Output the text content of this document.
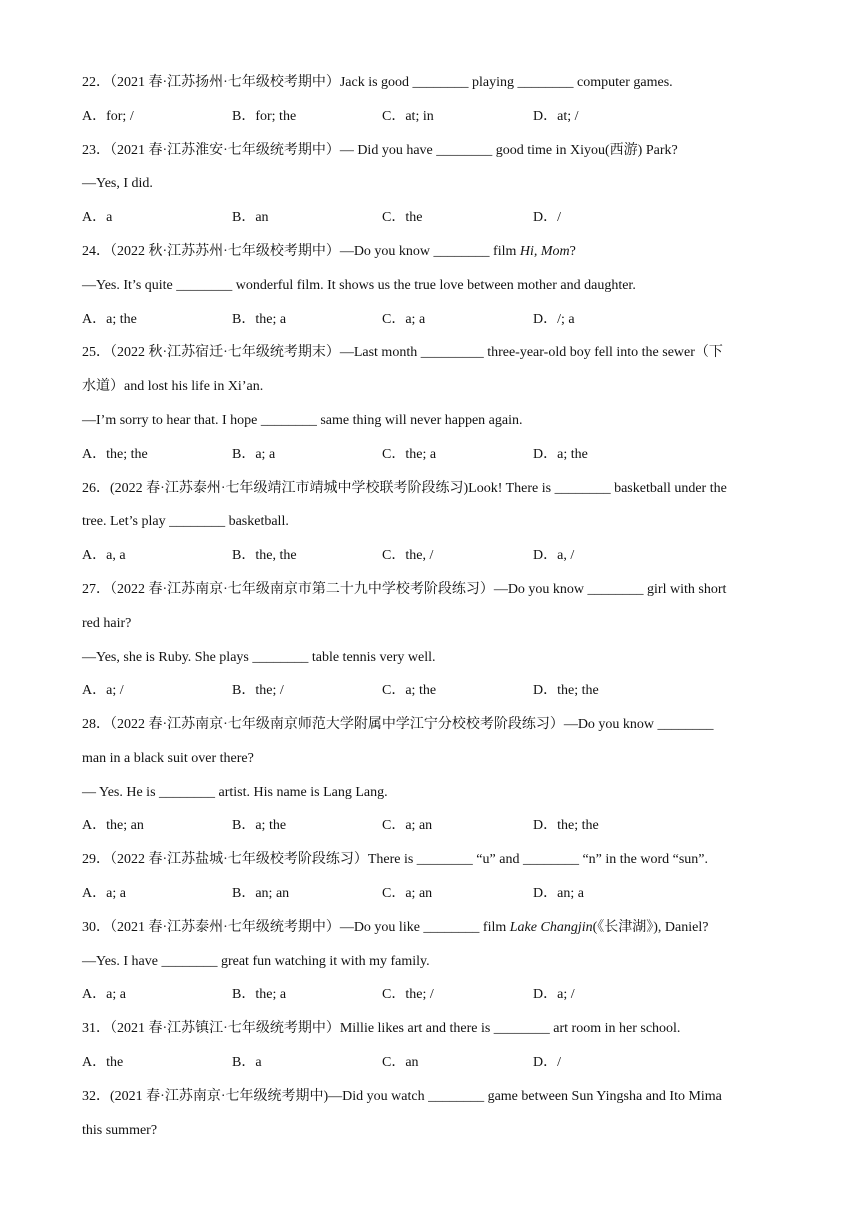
22．（2021 春·江苏扬州·七年级校考期中）Jack is good ________ playing ________ computer games.
A．for; /	B．for; the	C．at; in	D．at; /
23．（2021 春·江苏淮安·七年级统考期中）— Did you have ________ good time in Xiyou(西游) Park?
—Yes, I did.
A．a	B．an	C．the	D．/
24．（2022 秋·江苏苏州·七年级校考期中）—Do you know ________ film Hi, Mom?
—Yes. It’s quite ________ wonderful film. It shows us the true love between mother and daughter.
A．a; the	B．the; a	C．a; a	D．/; a
25．（2022 秋·江苏宿迁·七年级统考期末）—Last month _________ three-year-old boy fell into the sewer（下
水道）and lost his life in Xi’an.
—I’m sorry to hear that. I hope ________ same thing will never happen again.
A．the; the	B．a; a	C．the; a	D．a; the
26．(2022 春·江苏泰州·七年级靖江市靖城中学校联考阶段练习)Look! There is ________ basketball under the
tree. Let’s play ________ basketball.
A．a, a	B．the, the	C．the, /	D．a, /
27．（2022 春·江苏南京·七年级南京市第二十九中学校考阶段练习）—Do you know ________ girl with short
red hair?
—Yes, she is Ruby. She plays ________ table tennis very well.
A．a; /	B．the; /	C．a; the	D．the; the
28．（2022 春·江苏南京·七年级南京师范大学附属中学江宁分校校考阶段练习）—Do you know ________
man in a black suit over there?
— Yes. He is ________ artist. His name is Lang Lang.
A．the; an	B．a; the	C．a; an	D．the; the
29．（2022 春·江苏盐城·七年级校考阶段练习）There is ________ “u” and ________ “n” in the word “sun”.
A．a; a	B．an; an	C．a; an	D．an; a
30．（2021 春·江苏泰州·七年级统考期中）—Do you like ________ film Lake Changjin(《长津湖》), Daniel?
—Yes. I have ________ great fun watching it with my family.
A．a; a	B．the; a	C．the; /	D．a; /
31．（2021 春·江苏镇江·七年级统考期中）Millie likes art and there is ________ art room in her school.
A．the	B．a	C．an	D．/
32．(2021 春·江苏南京·七年级统考期中)—Did you watch ________ game between Sun Yingsha and Ito Mima
this summer?
